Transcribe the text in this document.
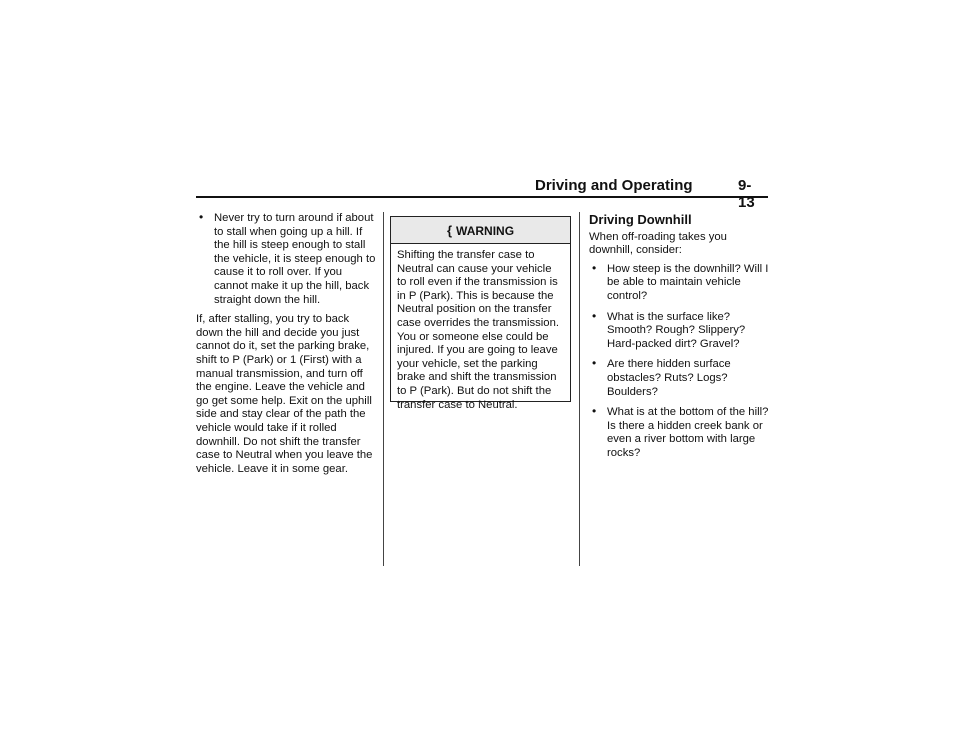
Driving and Operating	9-13
• Never try to turn around if about to stall when going up a hill. If the hill is steep enough to stall the vehicle, it is steep enough to cause it to roll over. If you cannot make it up the hill, back straight down the hill.
If, after stalling, you try to back down the hill and decide you just cannot do it, set the parking brake, shift to P (Park) or 1 (First) with a manual transmission, and turn off the engine. Leave the vehicle and go get some help. Exit on the uphill side and stay clear of the path the vehicle would take if it rolled downhill. Do not shift the transfer case to Neutral when you leave the vehicle. Leave it in some gear.
{ WARNING
Shifting the transfer case to Neutral can cause your vehicle to roll even if the transmission is in P (Park). This is because the Neutral position on the transfer case overrides the transmission. You or someone else could be injured. If you are going to leave your vehicle, set the parking brake and shift the transmission to P (Park). But do not shift the transfer case to Neutral.
Driving Downhill
When off-roading takes you downhill, consider:
• How steep is the downhill? Will I be able to maintain vehicle control?
• What is the surface like? Smooth? Rough? Slippery? Hard-packed dirt? Gravel?
• Are there hidden surface obstacles? Ruts? Logs? Boulders?
• What is at the bottom of the hill? Is there a hidden creek bank or even a river bottom with large rocks?
